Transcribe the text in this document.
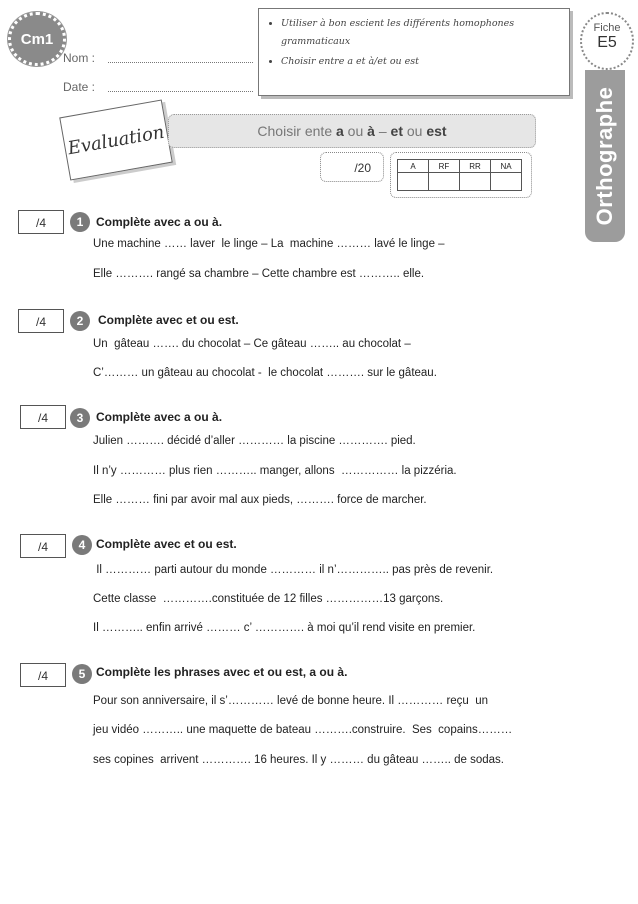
Cm1
Nom :
Date :
• Utiliser à bon escient les différents homophones grammaticaux
• Choisir entre a et à/et ou est
Fiche
E5
Orthographe
Evaluation	Choisir ente a ou à – et ou est
/20	A	RF	RR	NA

/4	1	Complète avec a ou à.
Une machine …… laver  le linge – La  machine ……… lavé le linge –
Elle ………. rangé sa chambre – Cette chambre est ……….. elle.
/4	2	Complète avec et ou est.
Un  gâteau ……. du chocolat – Ce gâteau …….. au chocolat –
C’……… un gâteau au chocolat -  le chocolat ………. sur le gâteau.
/4	3	Complète avec a ou à.
Julien ………. décidé d’aller ………… la piscine …………. pied.
Il n’y ………… plus rien ……….. manger, allons  …………… la pizzéria.
Elle ……… fini par avoir mal aux pieds, ………. force de marcher.
/4	4 Complète avec et ou est.
Il ………… parti autour du monde ………… il n’………….. pas près de revenir.
Cette classe  ………….constituée de 12 filles ……………13 garçons.
Il ……….. enfin arrivé ……… c’ …………. à moi qu’il rend visite en premier.
/4	5 Complète les phrases avec et ou est, a ou à.
Pour son anniversaire, il s’………… levé de bonne heure. Il ………… reçu  un
jeu vidéo ……….. une maquette de bateau ……….construire.  Ses  copains………
ses copines  arrivent …………. 16 heures. Il y ……… du gâteau …….. de sodas.
